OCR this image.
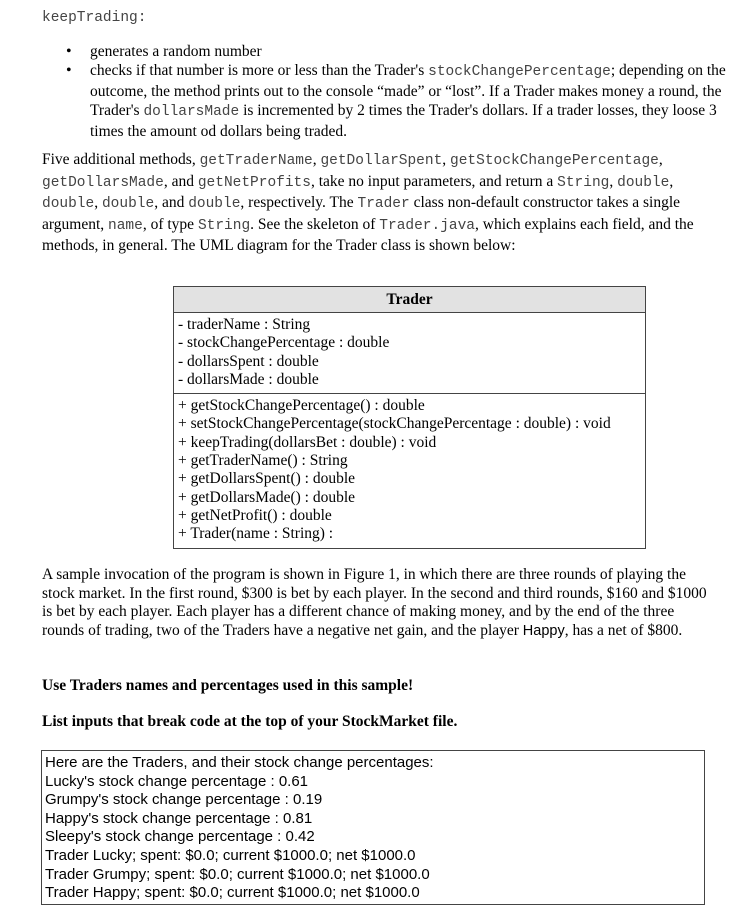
keepTrading:
• generates a random number
• checks if that number is more or less than the Trader's stockChangePercentage; depending on the outcome, the method prints out to the console “made” or “lost”. If a Trader makes money a round, the Trader's dollarsMade is incremented by 2 times the Trader's dollars. If a trader losses, they loose 3 times the amount od dollars being traded.

Five additional methods, getTraderName, getDollarSpent, getStockChangePercentage, getDollarsMade, and getNetProfits, take no input parameters, and return a String, double, double, double, and double, respectively. The Trader class non-default constructor takes a single argument, name, of type String. See the skeleton of Trader.java, which explains each field, and the methods, in general. The UML diagram for the Trader class is shown below:

Trader
- traderName : String
- stockChangePercentage : double
- dollarsSpent : double
- dollarsMade : double
+ getStockChangePercentage() : double
+ setStockChangePercentage(stockChangePercentage : double) : void
+ keepTrading(dollarsBet : double) : void
+ getTraderName() : String
+ getDollarsSpent() : double
+ getDollarsMade() : double
+ getNetProfit() : double
+ Trader(name : String) :

A sample invocation of the program is shown in Figure 1, in which there are three rounds of playing the stock market. In the first round, $300 is bet by each player. In the second and third rounds, $160 and $1000 is bet by each player. Each player has a different chance of making money, and by the end of the three rounds of trading, two of the Traders have a negative net gain, and the player Happy, has a net of $800.

Use Traders names and percentages used in this sample!

List inputs that break code at the top of your StockMarket file.

Here are the Traders, and their stock change percentages:
Lucky's stock change percentage : 0.61
Grumpy's stock change percentage : 0.19
Happy's stock change percentage : 0.81
Sleepy's stock change percentage : 0.42
Trader Lucky; spent: $0.0; current $1000.0; net $1000.0
Trader Grumpy; spent: $0.0; current $1000.0; net $1000.0
Trader Happy; spent: $0.0; current $1000.0; net $1000.0
